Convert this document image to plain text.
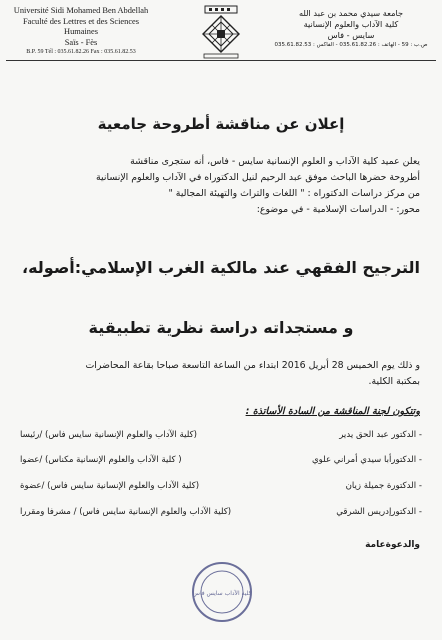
Université Sidi Mohamed Ben Abdellah
Faculté des Lettres et des Sciences Humaines
Saïs - Fès
B.P. 59 Tél : 035.61.82.26 Fax : 035.61.82.53
جامعة سيدي محمد بن عبد الله
كلية الآداب والعلوم الإنسانية
سايس - فاس
ص.ب : 59 - الهاتف : 035.61.82.26 - الفاكس : 035.61.82.53
إعلان عن مناقشة أطروحة جامعية
يعلن عميد كلية الآداب و العلوم الإنسانية سايس - فاس، أنه ستجرى مناقشة
أطروحة حضرها الباحث موفق عبد الرحيم لنيل الدكتوراه في الآداب والعلوم الإنسانية
من مركز دراسات الدكتوراه : " اللغات والتراث والتهيئة المجالية "
محور: - الدراسات الإسلامية - في موضوع:
الترجيح الفقهي عند مالكية الغرب الإسلامي:أصوله،
و مستجداته دراسة نظرية تطبيقية
و ذلك يوم الخميس 28 أبريل 2016 ابتداء من الساعة التاسعة صباحا بقاعة المحاضرات
بمكتبة الكلية.
وتتكون لجنة المناقشة من السادة الأساتذة :
- الدكتور عبد الحق يدير
(كلية الآداب والعلوم الإنسانية سايس فاس) /رئيسا
- الدكتورأبا سيدي أمراني علوي
( كلية الآداب والعلوم الإنسانية مكناس) /عضوا
- الدكتورة جميلة زيان
(كلية الآداب والعلوم الإنسانية سايس فاس) /عضوة
- الدكتورإدريس الشرقي
(كلية الآداب والعلوم الإنسانية سايس فاس) / مشرفا ومقررا
والدعوةعامة
كلية الآداب سايس فاس
